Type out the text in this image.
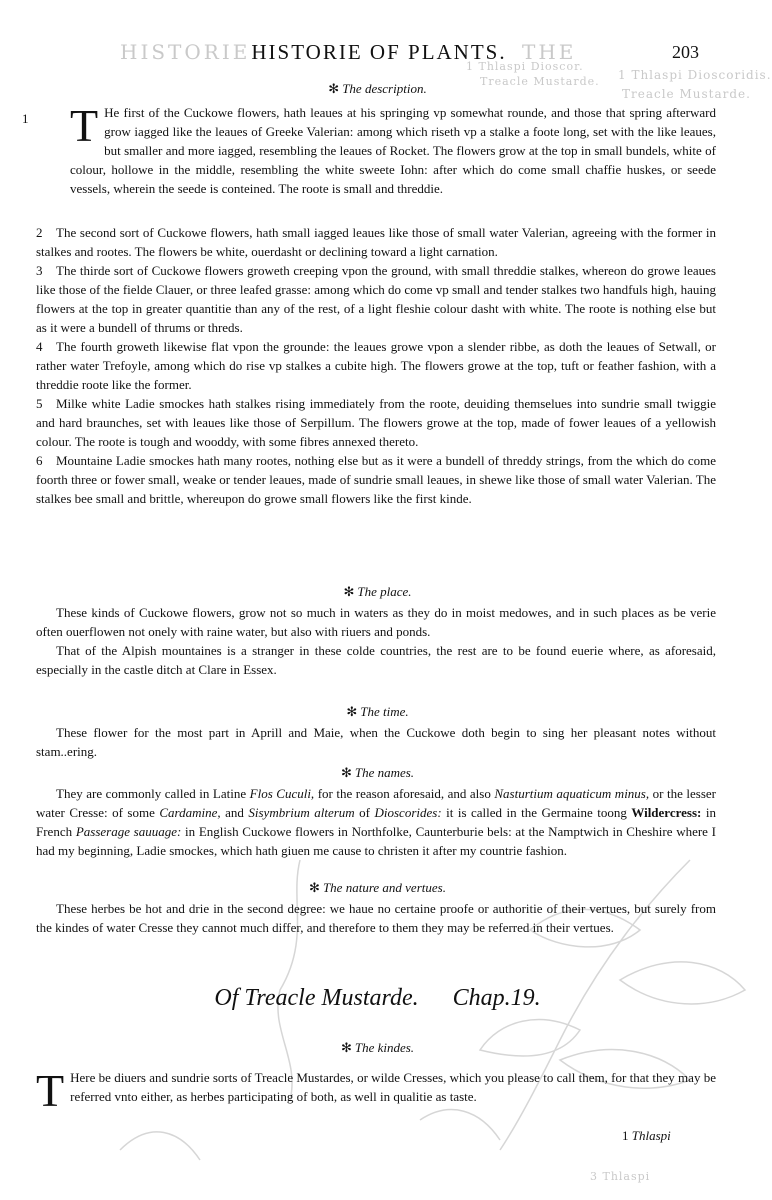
HISTORIE	THE
1 Thlaspi Dioscor.
Treacle Mustarde. 1 Thlaspi Dioscoridis.
Treacle Mustarde.
3 Thlaspi
HISTORIE OF PLANTS.	203
✻ The description.

1 T He first of the Cuckowe flowers, hath leaues at his springing vp somewhat rounde, and those that spring afterward grow iagged like the leaues of Greeke Valerian: among which riseth vp a stalke a foote long, set with the like leaues, but smaller and more iagged, resembling the leaues of Rocket. The flowers grow at the top in small bundels, white of colour, hollowe in the middle, resembling the white sweete Iohn: after which do come small chaffie huskes, or seede vessels, wherein the seede is conteined. The roote is small and threddie.

2 The second sort of Cuckowe flowers, hath small iagged leaues like those of small water Valerian, agreeing with the former in stalkes and rootes. The flowers be white, ouerdasht or declining toward a light carnation.

3 The thirde sort of Cuckowe flowers groweth creeping vpon the ground, with small threddie stalkes, whereon do growe leaues like those of the fielde Clauer, or three leafed grasse: among which do come vp small and tender stalkes two handfuls high, hauing flowers at the top in greater quantitie than any of the rest, of a light fleshie colour dasht with white. The roote is nothing else but as it were a bundell of thrums or threds.

4 The fourth groweth likewise flat vpon the grounde: the leaues growe vpon a slender ribbe, as doth the leaues of Setwall, or rather water Trefoyle, among which do rise vp stalkes a cubite high. The flowers growe at the top, tuft or feather fashion, with a threddie roote like the former.

5 Milke white Ladie smockes hath stalkes rising immediately from the roote, deuiding themselues into sundrie small twiggie and hard braunches, set with leaues like those of Serpillum. The flowers growe at the top, made of fower leaues of a yellowish colour. The roote is tough and wooddy, with some fibres annexed thereto.

6 Mountaine Ladie smockes hath many rootes, nothing else but as it were a bundell of threddy strings, from the which do come foorth three or fower small, weake or tender leaues, made of sundrie small leaues, in shewe like those of small water Valerian. The stalkes bee small and brittle, whereupon do growe small flowers like the first kinde.

✻ The place.

These kinds of Cuckowe flowers, grow not so much in waters as they do in moist medowes, and in such places as be verie often ouerflowen not onely with raine water, but also with riuers and ponds.

That of the Alpish mountaines is a stranger in these colde countries, the rest are to be found euerie where, as aforesaid, especially in the castle ditch at Clare in Essex.

✻ The time.

These flower for the most part in Aprill and Maie, when the Cuckowe doth begin to sing her pleasant notes without stam..ering.

✻ The names.

They are commonly called in Latine Flos Cuculi, for the reason aforesaid, and also Nasturtium aquaticum minus, or the lesser water Cresse: of some Cardamine, and Sisymbrium alterum of Dioscorides: it is called in the Germaine toong Wildercress: in French Passerage sauuage: in English Cuckowe flowers in Northfolke, Caunterburie bels: at the Namptwich in Cheshire where I had my beginning, Ladie smockes, which hath giuen me cause to christen it after my countrie fashion.

✻ The nature and vertues.

These herbes be hot and drie in the second degree: we haue no certaine proofe or authoritie of their vertues, but surely from the kindes of water Cresse they cannot much differ, and therefore to them they may be referred in their vertues.

Of Treacle Mustarde. Chap.19.
✻ The kindes.

T Here be diuers and sundrie sorts of Treacle Mustardes, or wilde Cresses, which you please to call them, for that they may be referred vnto either, as herbes participating of both, as well in qualitie as taste.

1 Thlaspi
